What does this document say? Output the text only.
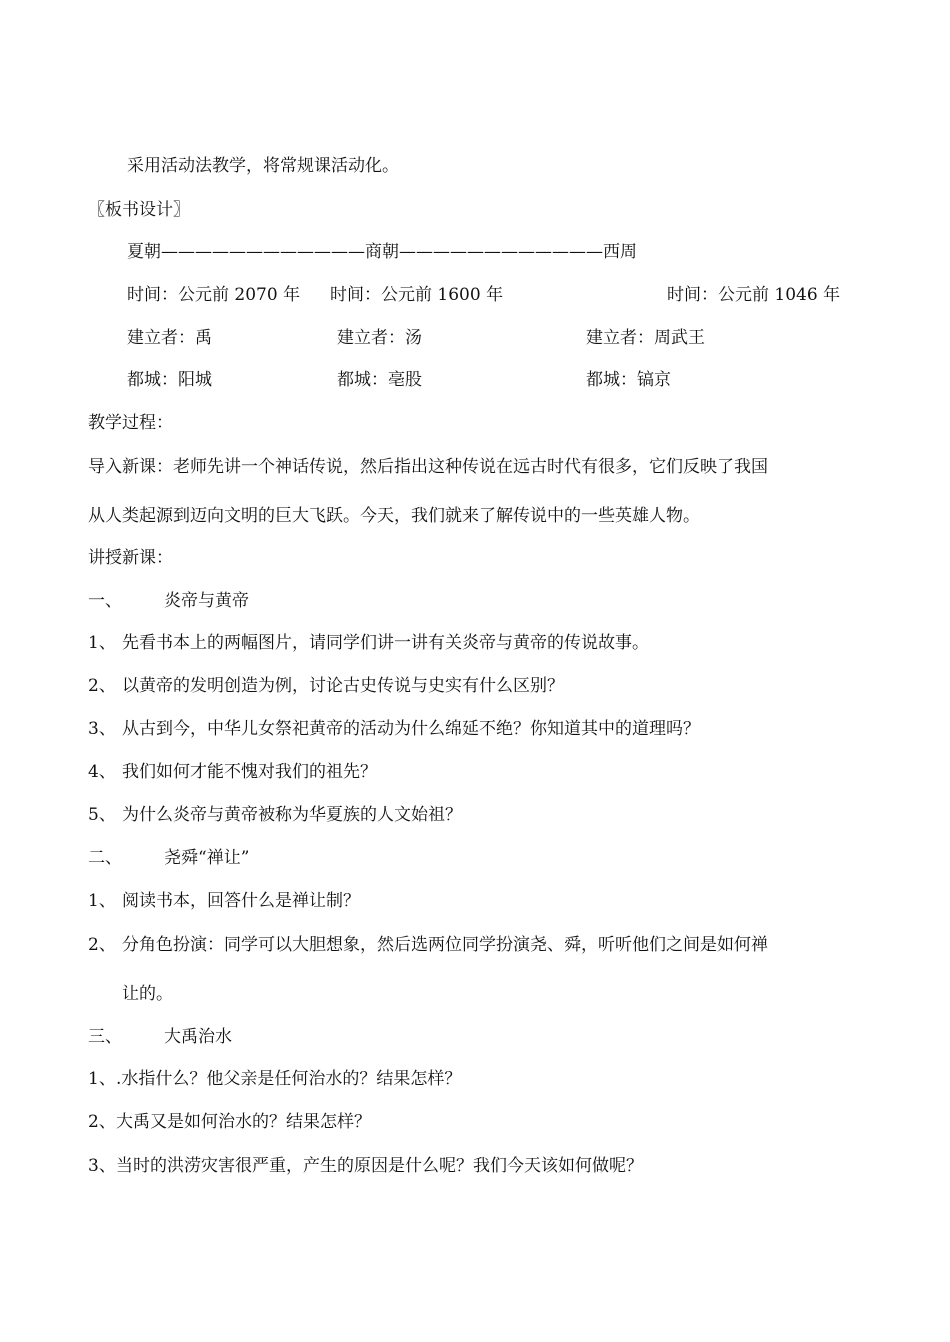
采用活动法教学，将常规课活动化。
〖板书设计〗
夏朝————————————商朝————————————西周
时间：公元前 2070 年 时间：公元前 1600 年	时间：公元前 1046 年
建立者：禹	建立者：汤	建立者：周武王
都城：阳城	都城：亳股	都城：镐京
教学过程：
导入新课：老师先讲一个神话传说，然后指出这种传说在远古时代有很多，它们反映了我国
从人类起源到迈向文明的巨大飞跃。今天，我们就来了解传说中的一些英雄人物。
讲授新课：
一、 炎帝与黄帝
1、 先看书本上的两幅图片，请同学们讲一讲有关炎帝与黄帝的传说故事。
2、 以黄帝的发明创造为例，讨论古史传说与史实有什么区别？
3、 从古到今，中华儿女祭祀黄帝的活动为什么绵延不绝？你知道其中的道理吗？
4、 我们如何才能不愧对我们的祖先？
5、 为什么炎帝与黄帝被称为华夏族的人文始祖？
二、 尧舜“禅让”
1、 阅读书本，回答什么是禅让制？
2、 分角色扮演：同学可以大胆想象，然后选两位同学扮演尧、舜，听听他们之间是如何禅
让的。
三、 大禹治水
1、 .水指什么？他父亲是任何治水的？结果怎样？
2、 大禹又是如何治水的？结果怎样？
3、 当时的洪涝灾害很严重，产生的原因是什么呢？我们今天该如何做呢？
